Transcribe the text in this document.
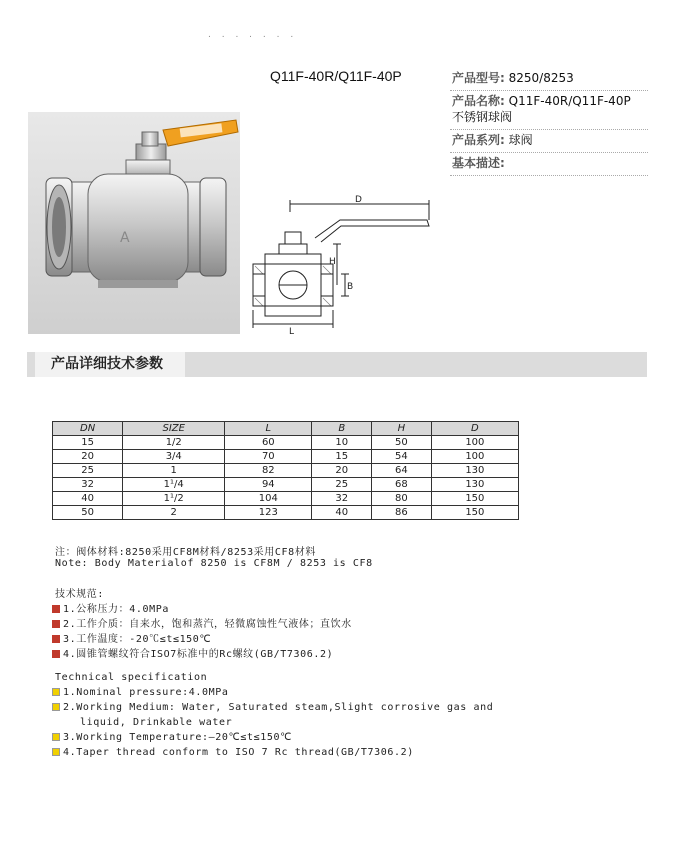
. . . . . . .
Q11F-40R/Q11F-40P	产品型号: 8250/8253
产品名称: Q11F-40R/Q11F-40P 不锈钢球阀
产品系列: 球阀
基本描述:
A
D
H
B
L
产品详细技术参数
DN	SIZE	L	B	H	D
15	1/2	60	10	50	100
20	3/4	70	15	54	100
25	1	82	20	64	130
32	1¹/4	94	25	68	130
40	1¹/2	104	32	80	150
50	2	123	40	86	150
注：阀体材料:8250采用CF8M材料/8253采用CF8材料
Note: Body Materialof 8250 is CF8M / 8253 is CF8
技术规范:
1.公称压力：4.0MPa
2.工作介质：自来水，饱和蒸汽，轻微腐蚀性气液体；直饮水
3.工作温度：-20℃≤t≤150℃
4.圆锥管螺纹符合ISO7标准中的Rc螺纹(GB/T7306.2)
Technical specification
1.Nominal pressure:4.0MPa
2.Working Medium: Water, Saturated steam,Slight corrosive gas and
liquid, Drinkable water
3.Working Temperature:—20℃≤t≤150℃
4.Taper thread conform to ISO 7 Rc thread(GB/T7306.2)
